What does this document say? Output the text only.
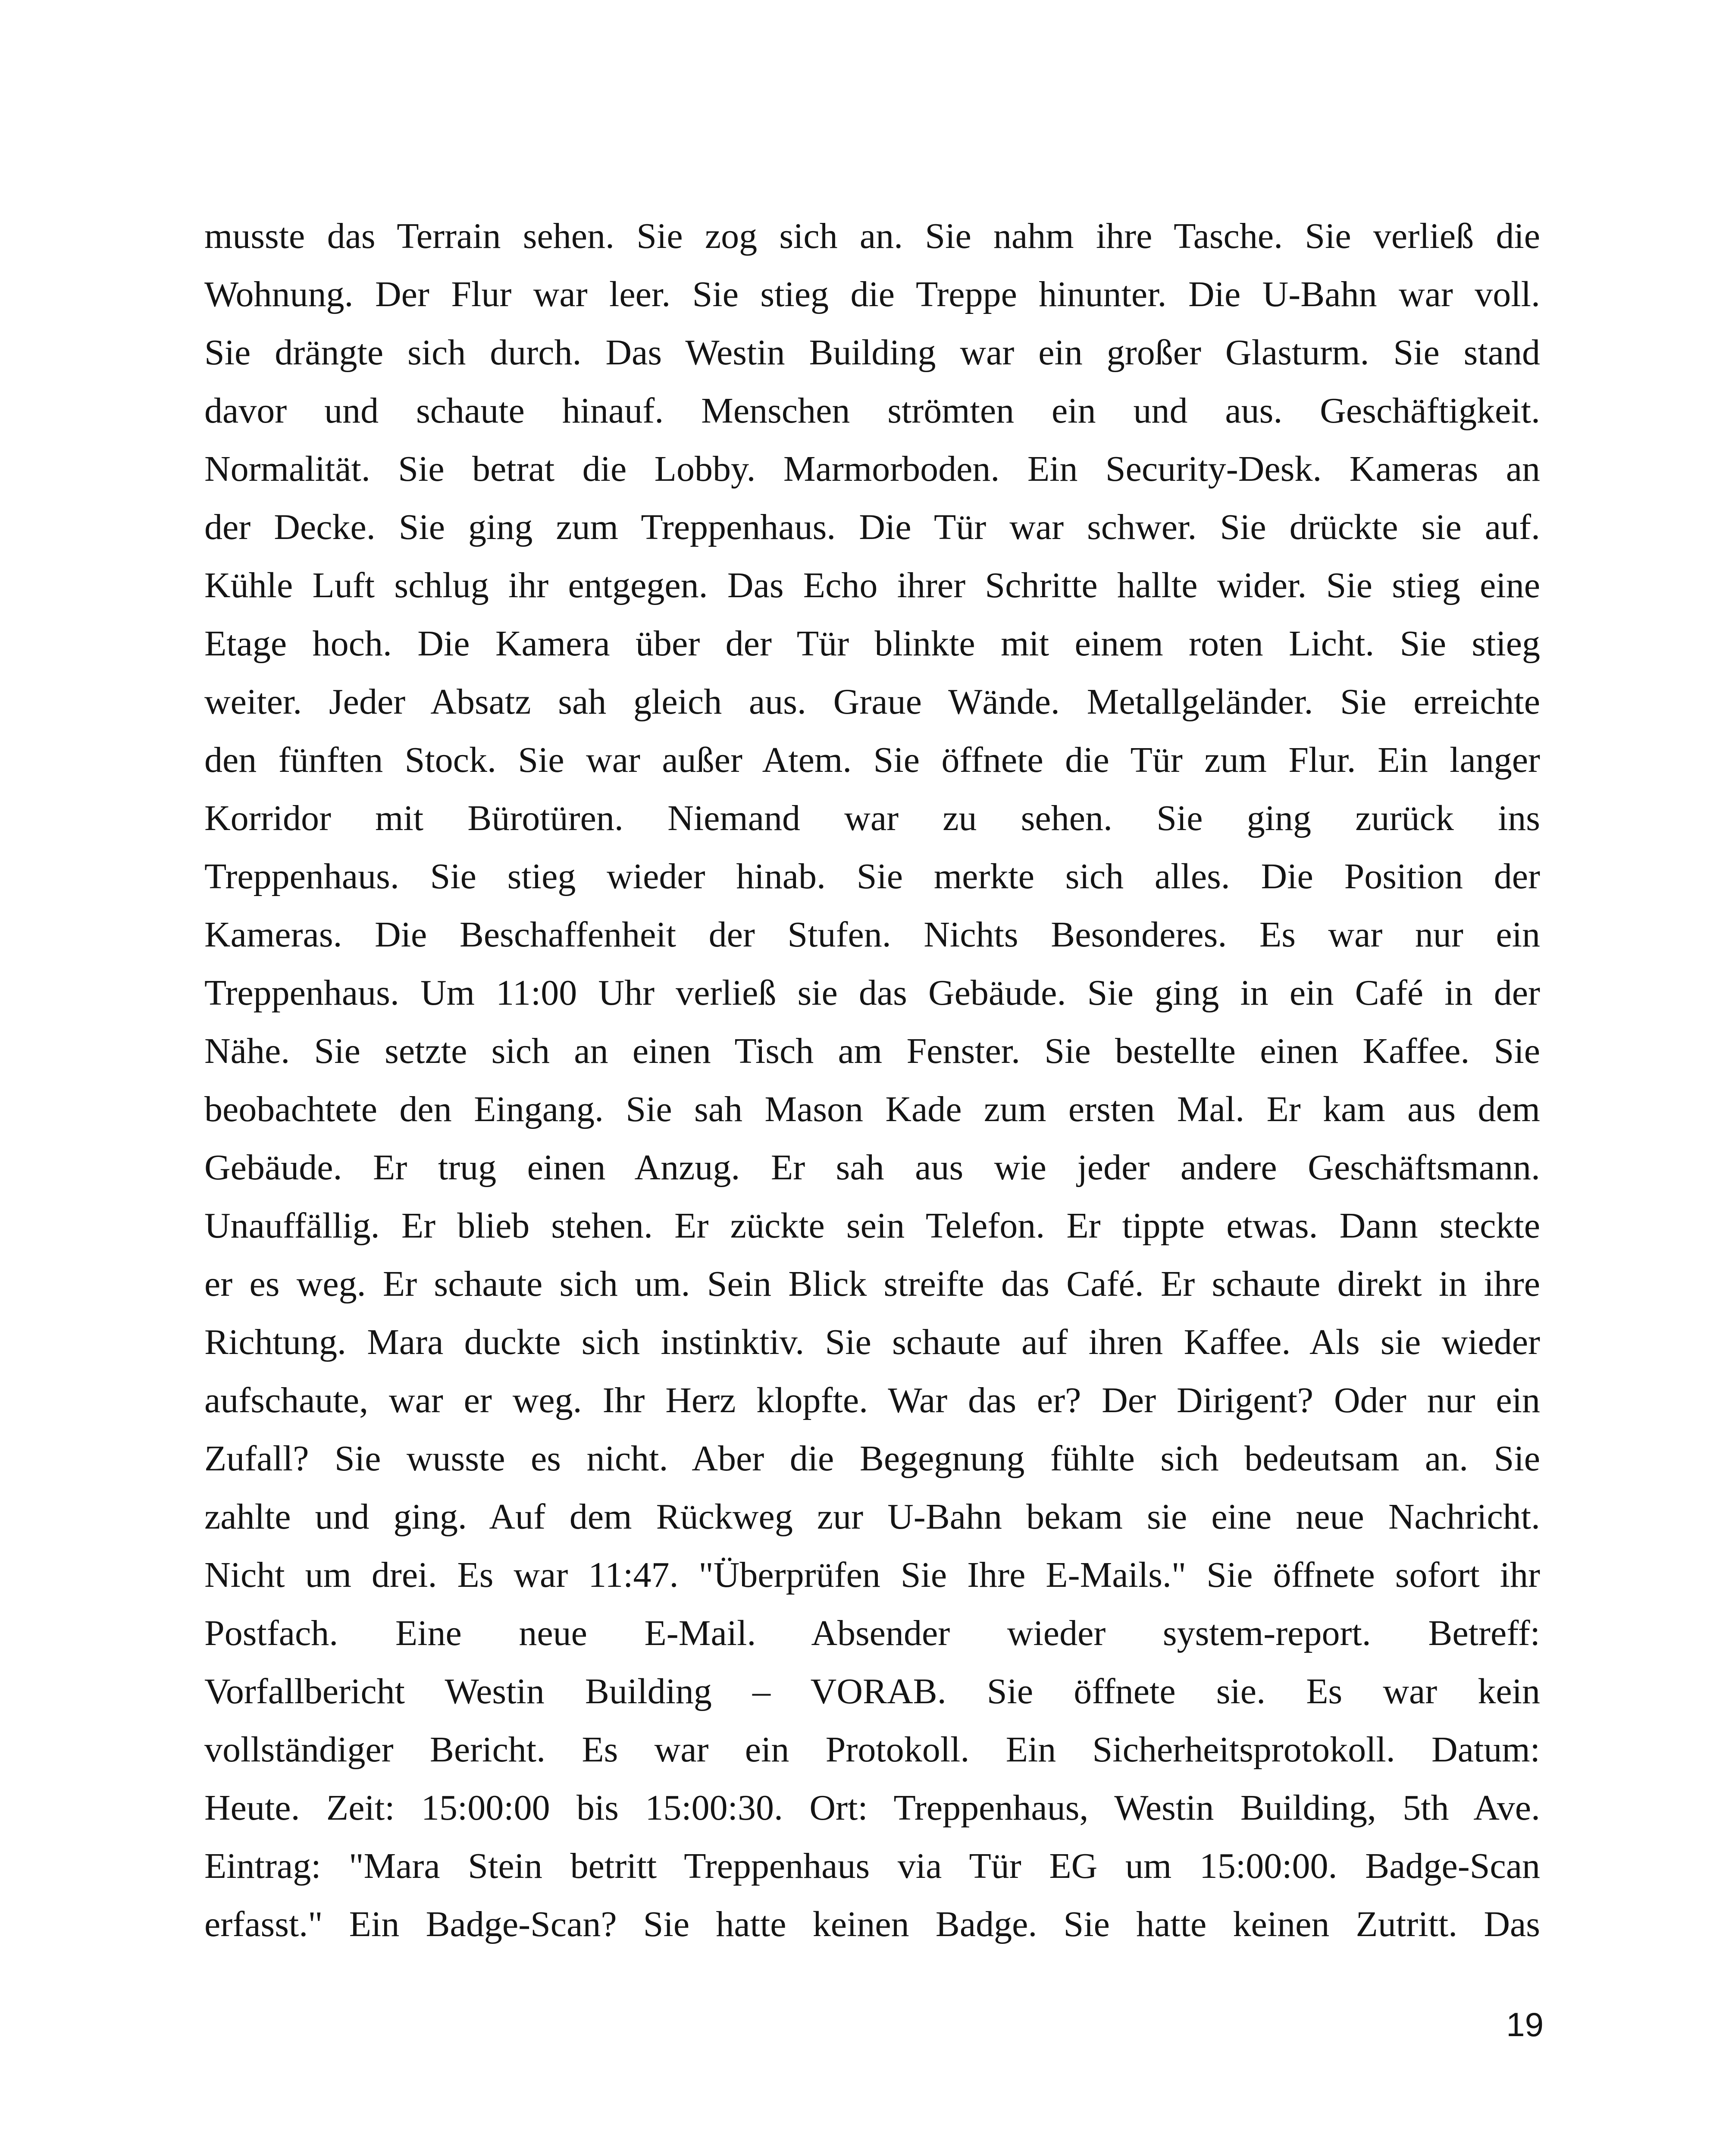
musste das Terrain sehen. Sie zog sich an. Sie nahm ihre Tasche. Sie verließ die
Wohnung. Der Flur war leer. Sie stieg die Treppe hinunter. Die U-Bahn war voll.
Sie drängte sich durch. Das Westin Building war ein großer Glasturm. Sie stand
davor und schaute hinauf. Menschen strömten ein und aus. Geschäftigkeit.
Normalität. Sie betrat die Lobby. Marmorboden. Ein Security-Desk. Kameras an
der Decke. Sie ging zum Treppenhaus. Die Tür war schwer. Sie drückte sie auf.
Kühle Luft schlug ihr entgegen. Das Echo ihrer Schritte hallte wider. Sie stieg eine
Etage hoch. Die Kamera über der Tür blinkte mit einem roten Licht. Sie stieg
weiter. Jeder Absatz sah gleich aus. Graue Wände. Metallgeländer. Sie erreichte
den fünften Stock. Sie war außer Atem. Sie öffnete die Tür zum Flur. Ein langer
Korridor mit Bürotüren. Niemand war zu sehen. Sie ging zurück ins
Treppenhaus. Sie stieg wieder hinab. Sie merkte sich alles. Die Position der
Kameras. Die Beschaffenheit der Stufen. Nichts Besonderes. Es war nur ein
Treppenhaus. Um 11:00 Uhr verließ sie das Gebäude. Sie ging in ein Café in der
Nähe. Sie setzte sich an einen Tisch am Fenster. Sie bestellte einen Kaffee. Sie
beobachtete den Eingang. Sie sah Mason Kade zum ersten Mal. Er kam aus dem
Gebäude. Er trug einen Anzug. Er sah aus wie jeder andere Geschäftsmann.
Unauffällig. Er blieb stehen. Er zückte sein Telefon. Er tippte etwas. Dann steckte
er es weg. Er schaute sich um. Sein Blick streifte das Café. Er schaute direkt in ihre
Richtung. Mara duckte sich instinktiv. Sie schaute auf ihren Kaffee. Als sie wieder
aufschaute, war er weg. Ihr Herz klopfte. War das er? Der Dirigent? Oder nur ein
Zufall? Sie wusste es nicht. Aber die Begegnung fühlte sich bedeutsam an. Sie
zahlte und ging. Auf dem Rückweg zur U-Bahn bekam sie eine neue Nachricht.
Nicht um drei. Es war 11:47. "Überprüfen Sie Ihre E-Mails." Sie öffnete sofort ihr
Postfach. Eine neue E-Mail. Absender wieder system-report. Betreff:
Vorfallbericht Westin Building – VORAB. Sie öffnete sie. Es war kein
vollständiger Bericht. Es war ein Protokoll. Ein Sicherheitsprotokoll. Datum:
Heute. Zeit: 15:00:00 bis 15:00:30. Ort: Treppenhaus, Westin Building, 5th Ave.
Eintrag: "Mara Stein betritt Treppenhaus via Tür EG um 15:00:00. Badge-Scan
erfasst." Ein Badge-Scan? Sie hatte keinen Badge. Sie hatte keinen Zutritt. Das
19
